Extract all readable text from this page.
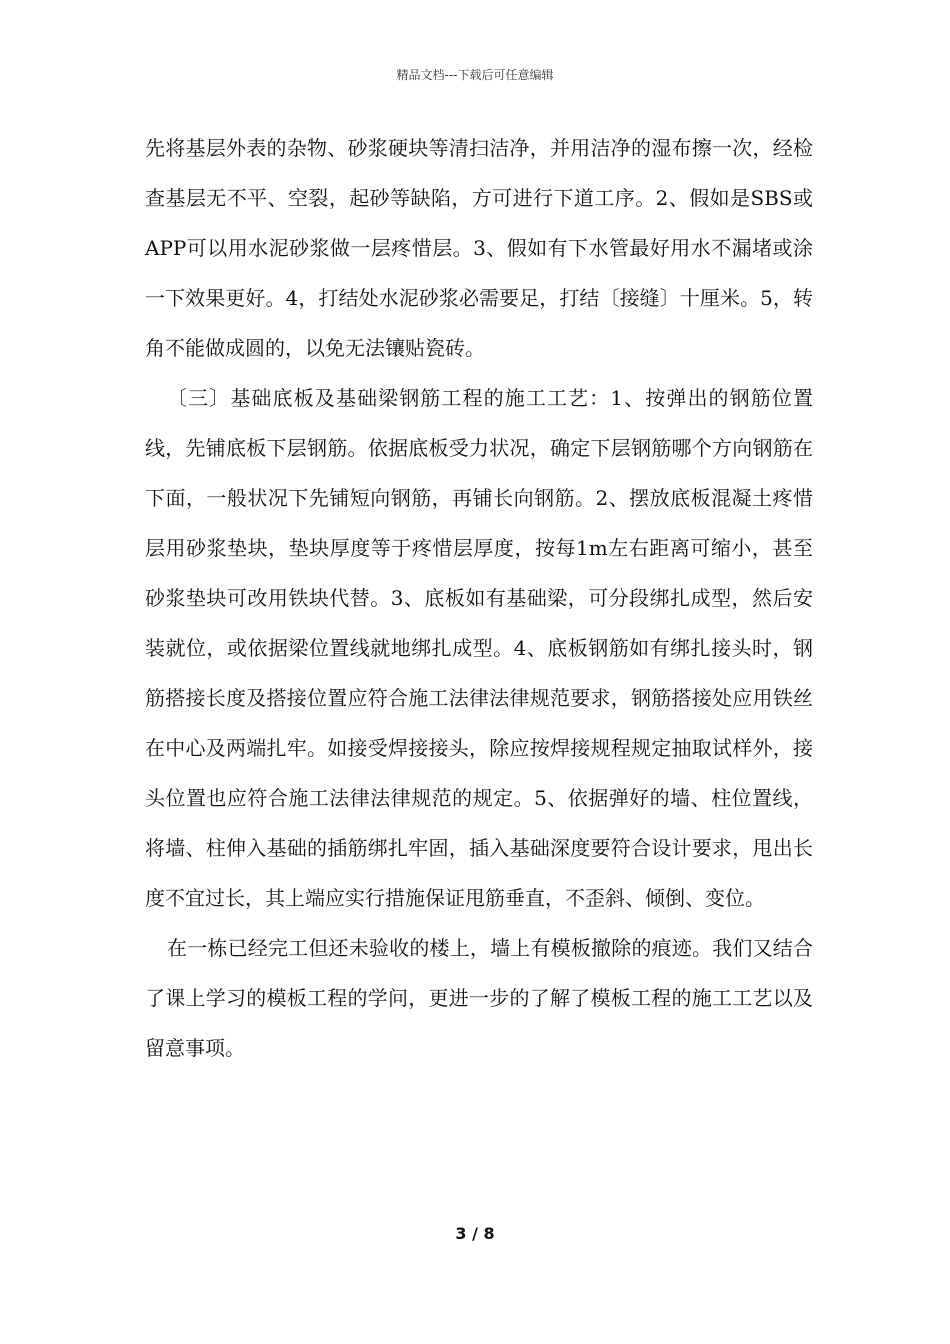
精品文档---下载后可任意编辑

先将基层外表的杂物、砂浆硬块等清扫洁净，并用洁净的湿布擦一次，经检查基层无不平、空裂，起砂等缺陷，方可进行下道工序。2、假如是SBS或APP可以用水泥砂浆做一层疼惜层。3、假如有下水管最好用水不漏堵或涂一下效果更好。4，打结处水泥砂浆必需要足，打结〔接缝〕十厘米。5，转角不能做成圆的，以免无法镶贴瓷砖。

〔三〕基础底板及基础梁钢筋工程的施工工艺：1、按弹出的钢筋位置线，先铺底板下层钢筋。依据底板受力状况，确定下层钢筋哪个方向钢筋在下面，一般状况下先铺短向钢筋，再铺长向钢筋。2、摆放底板混凝土疼惜层用砂浆垫块，垫块厚度等于疼惜层厚度，按每1m左右距离可缩小，甚至砂浆垫块可改用铁块代替。3、底板如有基础梁，可分段绑扎成型，然后安装就位，或依据梁位置线就地绑扎成型。4、底板钢筋如有绑扎接头时，钢筋搭接长度及搭接位置应符合施工法律法律规范要求，钢筋搭接处应用铁丝在中心及两端扎牢。如接受焊接接头，除应按焊接规程规定抽取试样外，接头位置也应符合施工法律法律规范的规定。5、依据弹好的墙、柱位置线，将墙、柱伸入基础的插筋绑扎牢固，插入基础深度要符合设计要求，甩出长度不宜过长，其上端应实行措施保证甩筋垂直，不歪斜、倾倒、变位。

在一栋已经完工但还未验收的楼上，墙上有模板撤除的痕迹。我们又结合了课上学习的模板工程的学问，更进一步的了解了模板工程的施工工艺以及留意事项。

3 / 8
